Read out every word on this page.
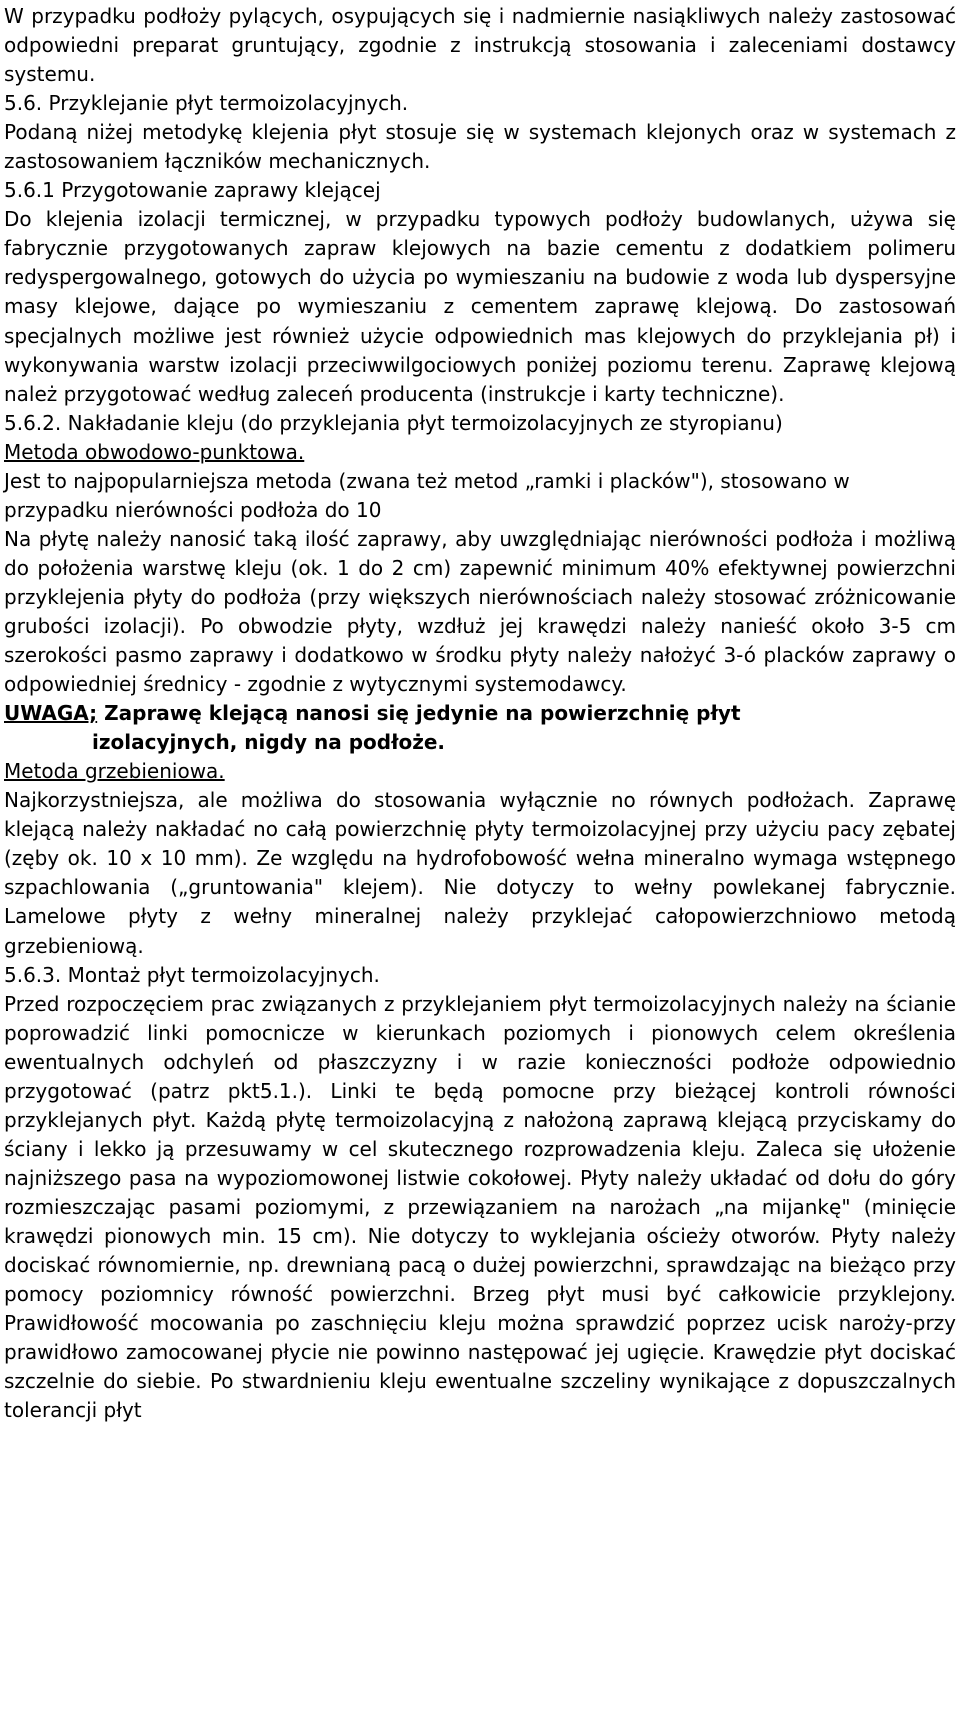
W przypadku podłoży pylących, osypujących się i nadmiernie nasiąkliwych należy zastosować odpowiedni preparat gruntujący, zgodnie z instrukcją stosowania i zaleceniami dostawcy systemu.
5.6. Przyklejanie płyt termoizolacyjnych.
Podaną niżej metodykę klejenia płyt stosuje się w systemach klejonych oraz w systemach z zastosowaniem łączników mechanicznych.
5.6.1 Przygotowanie zaprawy klejącej
Do klejenia izolacji termicznej, w przypadku typowych podłoży budowlanych, używa się fabrycznie przygotowanych zapraw klejowych na bazie cementu z dodatkiem polimeru redyspergowalnego, gotowych do użycia po wymieszaniu na budowie z woda lub dyspersyjne masy klejowe, dające po wymieszaniu z cementem zaprawę klejową. Do zastosowań specjalnych możliwe jest również użycie odpowiednich mas klejowych do przyklejania pł) i wykonywania warstw izolacji przeciwwilgociowych poniżej poziomu terenu. Zaprawę klejową należ przygotować według zaleceń producenta (instrukcje i karty techniczne).
5.6.2. Nakładanie kleju (do przyklejania płyt termoizolacyjnych ze styropianu)
Metoda obwodowo-punktowa.
Jest to najpopularniejsza metoda (zwana też metod „ramki i placków"), stosowano w przypadku nierówności podłoża do 10
Na płytę należy nanosić taką ilość zaprawy, aby uwzględniając nierówności podłoża i możliwą do położenia warstwę kleju (ok. 1 do 2 cm) zapewnić minimum 40% efektywnej powierzchni przyklejenia płyty do podłoża (przy większych nierównościach należy stosować zróżnicowanie grubości izolacji). Po obwodzie płyty, wzdłuż jej krawędzi należy nanieść około 3-5 cm szerokości pasmo zaprawy i dodatkowo w środku płyty należy nałożyć 3-ó placków zaprawy o odpowiedniej średnicy - zgodnie z wytycznymi systemodawcy.
UWAGA; Zaprawę klejącą nanosi się jedynie na powierzchnię płyt
izolacyjnych, nigdy na podłoże.
Metoda grzebieniowa.
Najkorzystniejsza, ale możliwa do stosowania wyłącznie no równych podłożach. Zaprawę klejącą należy nakładać no całą powierzchnię płyty termoizolacyjnej przy użyciu pacy zębatej (zęby ok. 10 x 10 mm). Ze względu na hydrofobowość wełna mineralno wymaga wstępnego szpachlowania („gruntowania" klejem). Nie dotyczy to wełny powlekanej fabrycznie. Lamelowe płyty z wełny mineralnej należy przyklejać całopowierzchniowo metodą grzebieniową.
5.6.3. Montaż płyt termoizolacyjnych.
Przed rozpoczęciem prac związanych z przyklejaniem płyt termoizolacyjnych należy na ścianie poprowadzić linki pomocnicze w kierunkach poziomych i pionowych celem określenia ewentualnych odchyleń od płaszczyzny i w razie konieczności podłoże odpowiednio przygotować (patrz pkt5.1.). Linki te będą pomocne przy bieżącej kontroli równości przyklejanych płyt. Każdą płytę termoizolacyjną z nałożoną zaprawą klejącą przyciskamy do ściany i lekko ją przesuwamy w cel skutecznego rozprowadzenia kleju. Zaleca się ułożenie najniższego pasa na wypoziomowonej listwie cokołowej. Płyty należy układać od dołu do góry rozmieszczając pasami poziomymi, z przewiązaniem na narożach „na mijankę" (minięcie krawędzi pionowych min. 15 cm). Nie dotyczy to wyklejania ościeży otworów. Płyty należy dociskać równomiernie, np. drewnianą pacą o dużej powierzchni, sprawdzając na bieżąco przy pomocy poziomnicy równość powierzchni. Brzeg płyt musi być całkowicie przyklejony. Prawidłowość mocowania po zaschnięciu kleju można sprawdzić poprzez ucisk naroży-przy prawidłowo zamocowanej płycie nie powinno następować jej ugięcie. Krawędzie płyt dociskać szczelnie do siebie. Po stwardnieniu kleju ewentualne szczeliny wynikające z dopuszczalnych tolerancji płyt
